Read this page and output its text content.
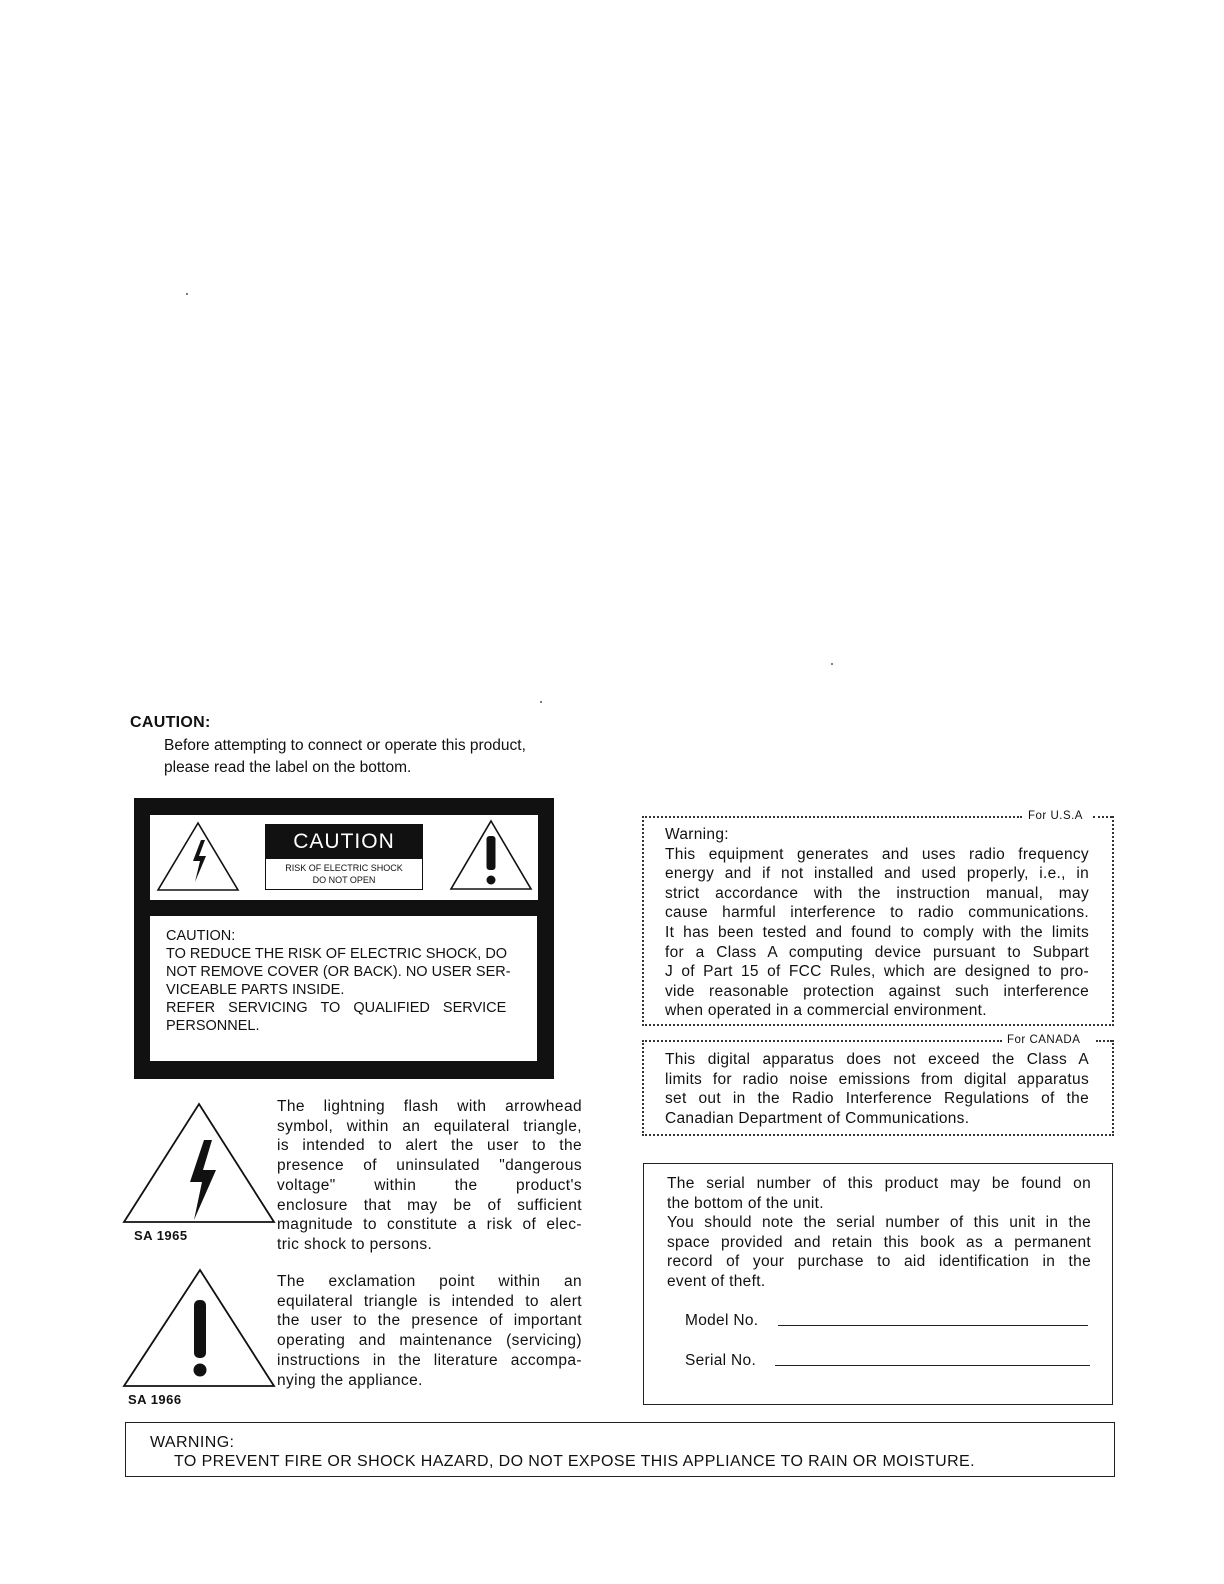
CAUTION:
Before attempting to connect or operate this product,
please read the label on the bottom.
CAUTION
RISK OF ELECTRIC SHOCK
DO NOT OPEN
CAUTION:
TO REDUCE THE RISK OF ELECTRIC SHOCK, DO
NOT REMOVE COVER (OR BACK). NO USER SER-
VICEABLE PARTS INSIDE.
REFER SERVICING TO QUALIFIED SERVICE
PERSONNEL.
SA 1965
The lightning flash with arrowhead
symbol, within an equilateral triangle,
is intended to alert the user to the
presence of uninsulated "dangerous
voltage" within the product's
enclosure that may be of sufficient
magnitude to constitute a risk of elec-
tric shock to persons.
SA 1966
The exclamation point within an
equilateral triangle is intended to alert
the user to the presence of important
operating and maintenance (servicing)
instructions in the literature accompa-
nying the appliance.
For U.S.A
Warning:
This equipment generates and uses radio frequency
energy and if not installed and used properly, i.e., in
strict accordance with the instruction manual, may
cause harmful interference to radio communications.
It has been tested and found to comply with the limits
for a Class A computing device pursuant to Subpart
J of Part 15 of FCC Rules, which are designed to pro-
vide reasonable protection against such interference
when operated in a commercial environment.
For CANADA
This digital apparatus does not exceed the Class A
limits for radio noise emissions from digital apparatus
set out in the Radio Interference Regulations of the
Canadian Department of Communications.
The serial number of this product may be found on
the bottom of the unit.
You should note the serial number of this unit in the
space provided and retain this book as a permanent
record of your purchase to aid identification in the
event of theft.
Model No.
Serial No.
WARNING:
TO PREVENT FIRE OR SHOCK HAZARD, DO NOT EXPOSE THIS APPLIANCE TO RAIN OR MOISTURE.
